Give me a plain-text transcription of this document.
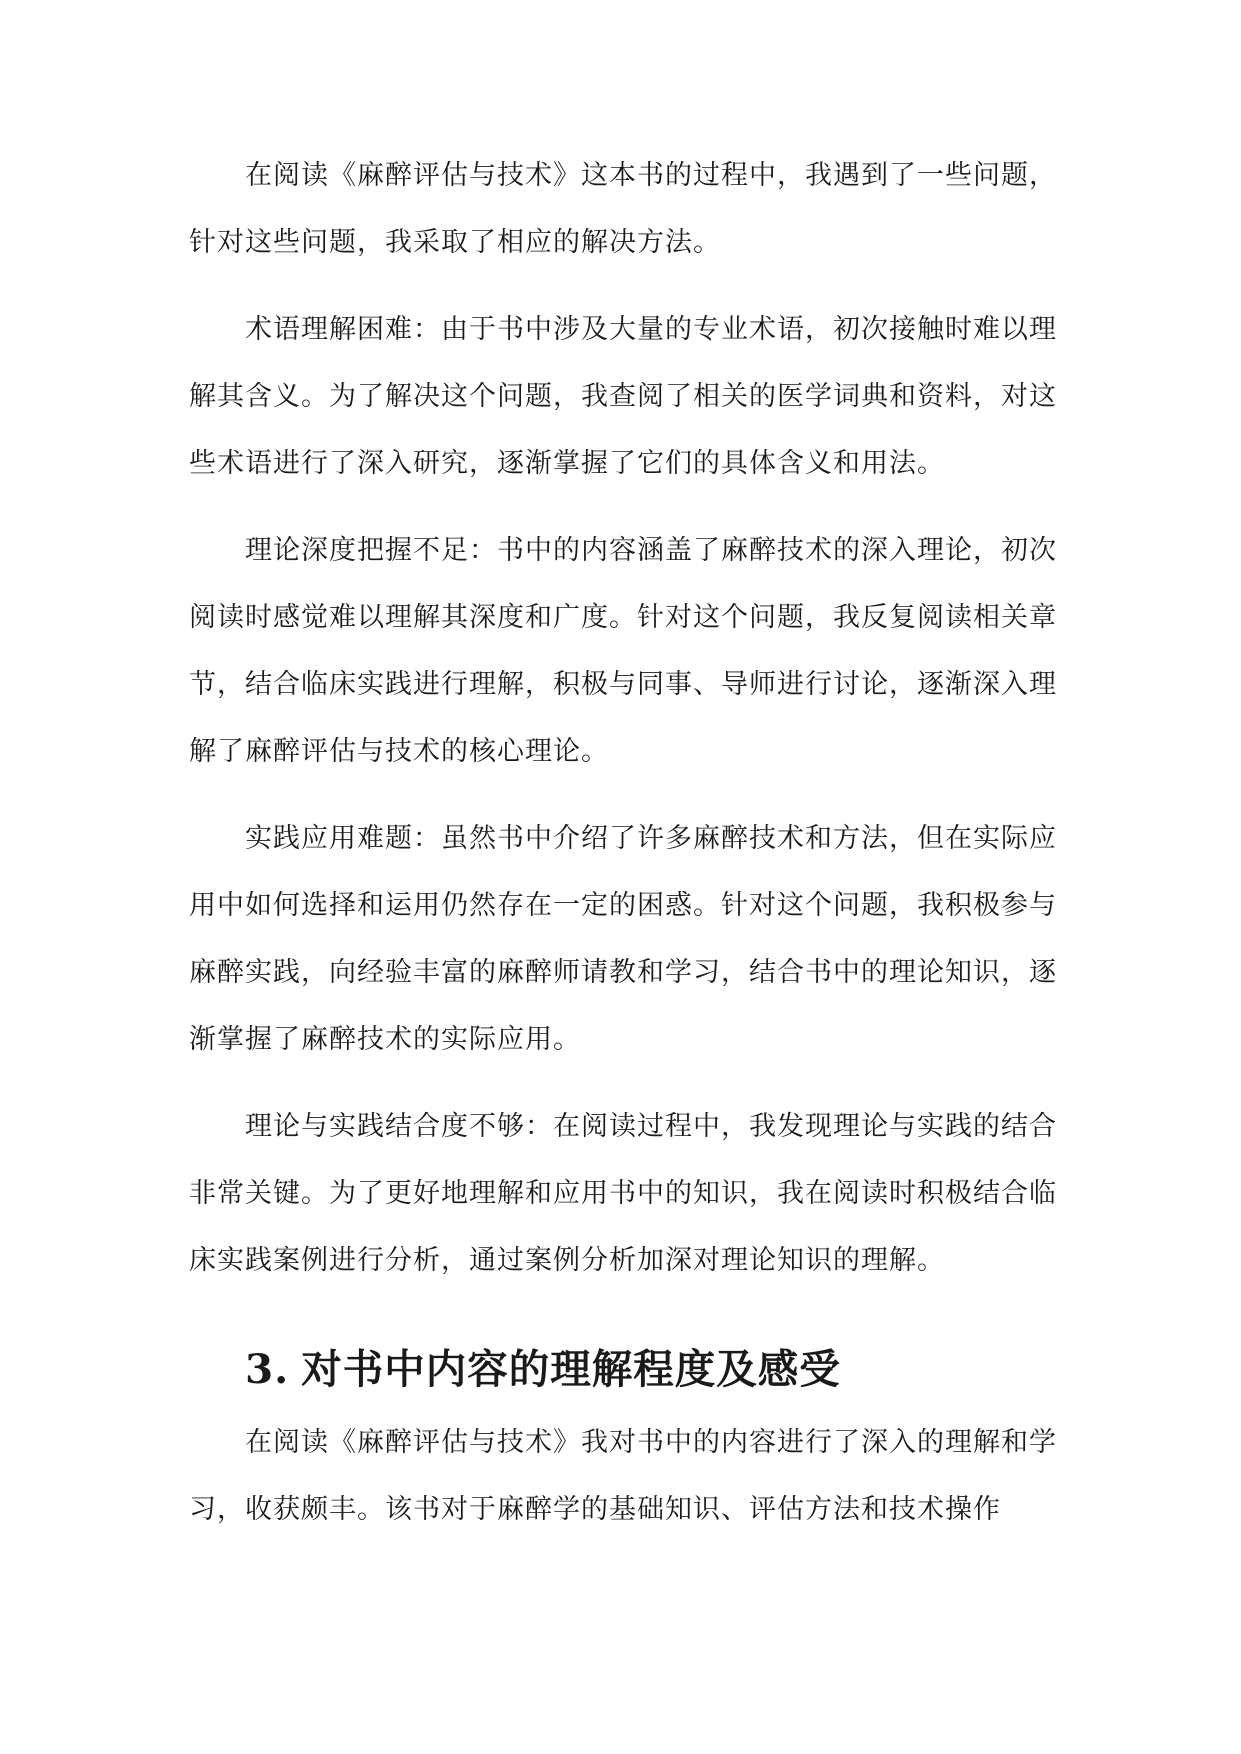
在阅读《麻醉评估与技术》这本书的过程中，我遇到了一些问题，针对这些问题，我采取了相应的解决方法。

术语理解困难：由于书中涉及大量的专业术语，初次接触时难以理解其含义。为了解决这个问题，我查阅了相关的医学词典和资料，对这些术语进行了深入研究，逐渐掌握了它们的具体含义和用法。

理论深度把握不足：书中的内容涵盖了麻醉技术的深入理论，初次阅读时感觉难以理解其深度和广度。针对这个问题，我反复阅读相关章节，结合临床实践进行理解，积极与同事、导师进行讨论，逐渐深入理解了麻醉评估与技术的核心理论。

实践应用难题：虽然书中介绍了许多麻醉技术和方法，但在实际应用中如何选择和运用仍然存在一定的困惑。针对这个问题，我积极参与麻醉实践，向经验丰富的麻醉师请教和学习，结合书中的理论知识，逐渐掌握了麻醉技术的实际应用。

理论与实践结合度不够：在阅读过程中，我发现理论与实践的结合非常关键。为了更好地理解和应用书中的知识，我在阅读时积极结合临床实践案例进行分析，通过案例分析加深对理论知识的理解。

3. 对书中内容的理解程度及感受

在阅读《麻醉评估与技术》我对书中的内容进行了深入的理解和学习，收获颇丰。该书对于麻醉学的基础知识、评估方法和技术操作
